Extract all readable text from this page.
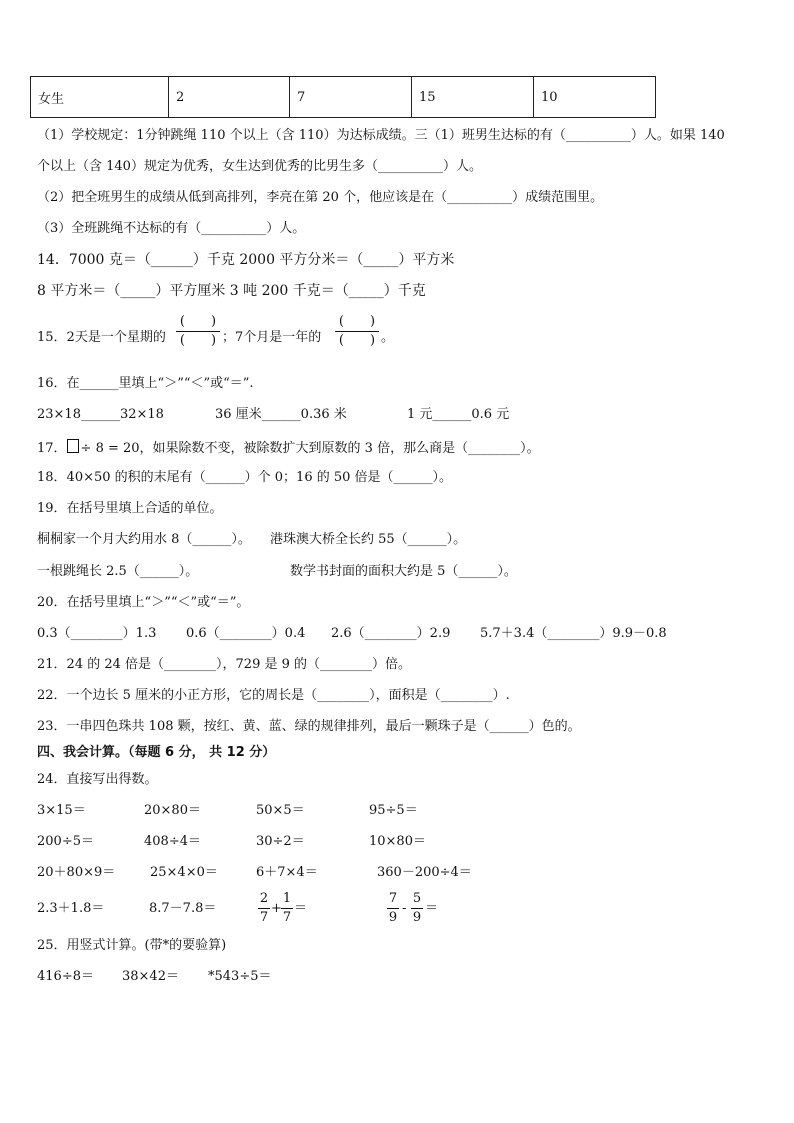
女生	2	7	15	10
（1）学校规定：1分钟跳绳 110 个以上（含 110）为达标成绩。三（1）班男生达标的有（__________）人。如果 140
个以上（含 140）规定为优秀，女生达到优秀的比男生多（__________）人。
（2）把全班男生的成绩从低到高排列，李亮在第 20 个，他应该是在（__________）成绩范围里。
（3）全班跳绳不达标的有（__________）人。
14．7000 克＝（______）千克 2000 平方分米＝（_____）平方米
8 平方米＝（_____）平方厘米 3 吨 200 千克＝（_____）千克
15．2天是一个星期的
(　　)
(　　) ；7个月是一年的
(　　)
(　　) 。
16．在______里填上“＞”“＜”或“＝”.
23×18______32×18	36 厘米______0.36 米	1 元______0.6 元
17． ÷ 8 = 20，如果除数不变，被除数扩大到原数的 3 倍，那么商是（________）。
18．40×50 的积的末尾有（______）个 0；16 的 50 倍是（______）。
19．在括号里填上合适的单位。
桐桐家一个月大约用水 8（______）。 港珠澳大桥全长约 55（______）。
一根跳绳长 2.5（______）。	数学书封面的面积大约是 5（______）。
20．在括号里填上“＞”“＜”或“＝”。
0.3（________）1.3 0.6（________）0.4 2.6（________）2.9 5.7＋3.4（________）9.9－0.8
21．24 的 24 倍是（________），729 是 9 的（________）倍。
22．一个边长 5 厘米的小正方形，它的周长是（________），面积是（________）.
23．一串四色珠共 108 颗，按红、黄、蓝、绿的规律排列，最后一颗珠子是（______）色的。
四、我会计算。（每题 6 分， 共 12 分）
24．直接写出得数。
3×15＝	20×80＝	50×5＝	95÷5＝
200÷5＝	408÷4＝	30÷2＝	10×80＝
20＋80×9＝	25×4×0＝	6＋7×4＝	360－200÷4＝
2.3＋1.8＝	8.7－7.8＝
2
7
+
1
7
＝
7
9
-
5
9
＝
25．用竖式计算。(带*的要验算)
416÷8＝ 38×42＝ *543÷5＝
